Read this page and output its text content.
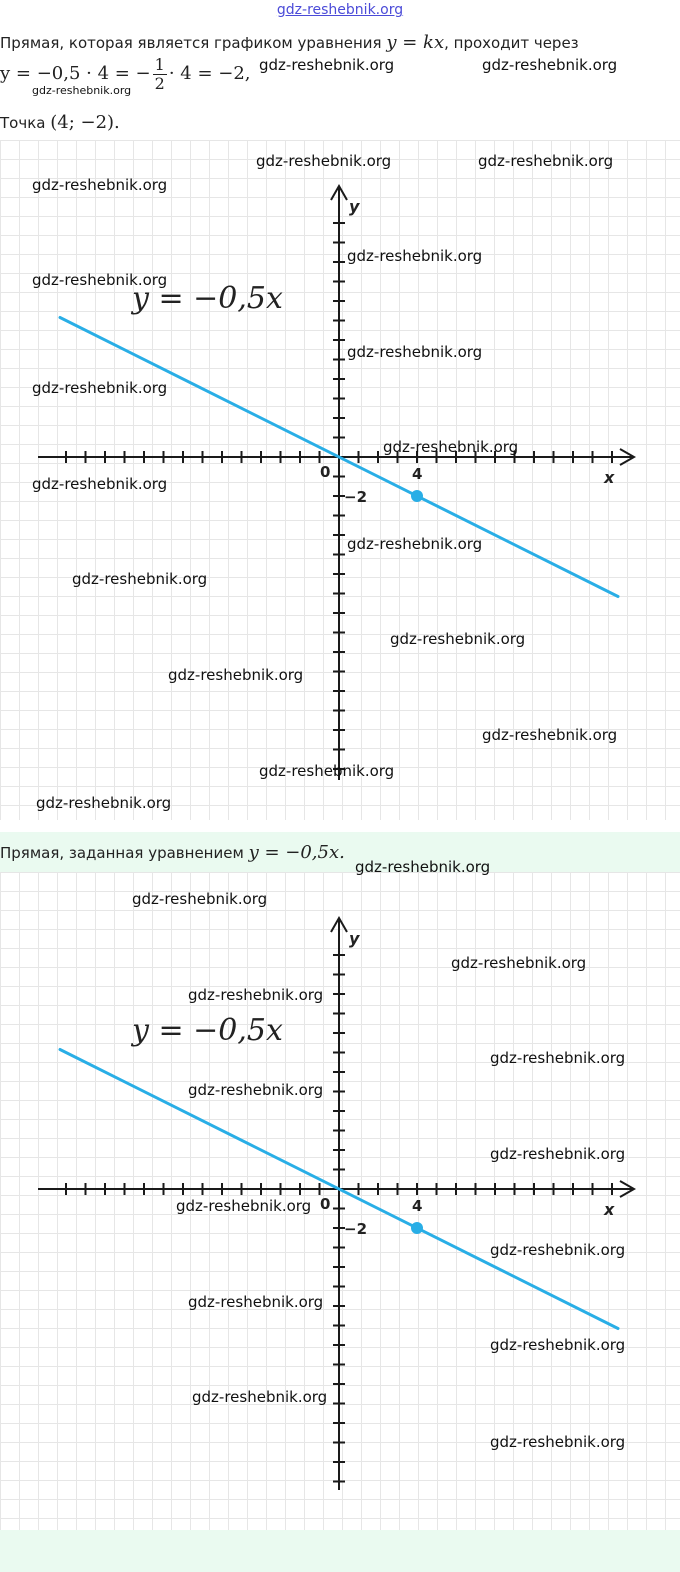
gdz-reshebnik.org
Прямая, которая является графиком уравнения y = kx, проходит через
y = −0,5 · 4 = − $\frac{1}{2} \cdot 4 = -2$,
Точка (4; −2).
y
x
0	4
−2
y = −0,5x
Прямая, заданная уравнением y = −0,5x.
y
x
0	4
−2
y = −0,5x
gdz-reshebnik.org	gdz-reshebnik.org
gdz-reshebnik.org
gdz-reshebnik.org	gdz-reshebnik.org
gdz-reshebnik.org
gdz-reshebnik.org
gdz-reshebnik.org
gdz-reshebnik.org
gdz-reshebnik.org
gdz-reshebnik.org
gdz-reshebnik.org
gdz-reshebnik.org
gdz-reshebnik.org
gdz-reshebnik.org
gdz-reshebnik.org
gdz-reshebnik.org
gdz-reshebnik.org
gdz-reshebnik.org
gdz-reshebnik.org
gdz-reshebnik.org
gdz-reshebnik.org
gdz-reshebnik.org
gdz-reshebnik.org
gdz-reshebnik.org
gdz-reshebnik.org
gdz-reshebnik.org
gdz-reshebnik.org
gdz-reshebnik.org
gdz-reshebnik.org
gdz-reshebnik.org
gdz-reshebnik.org
